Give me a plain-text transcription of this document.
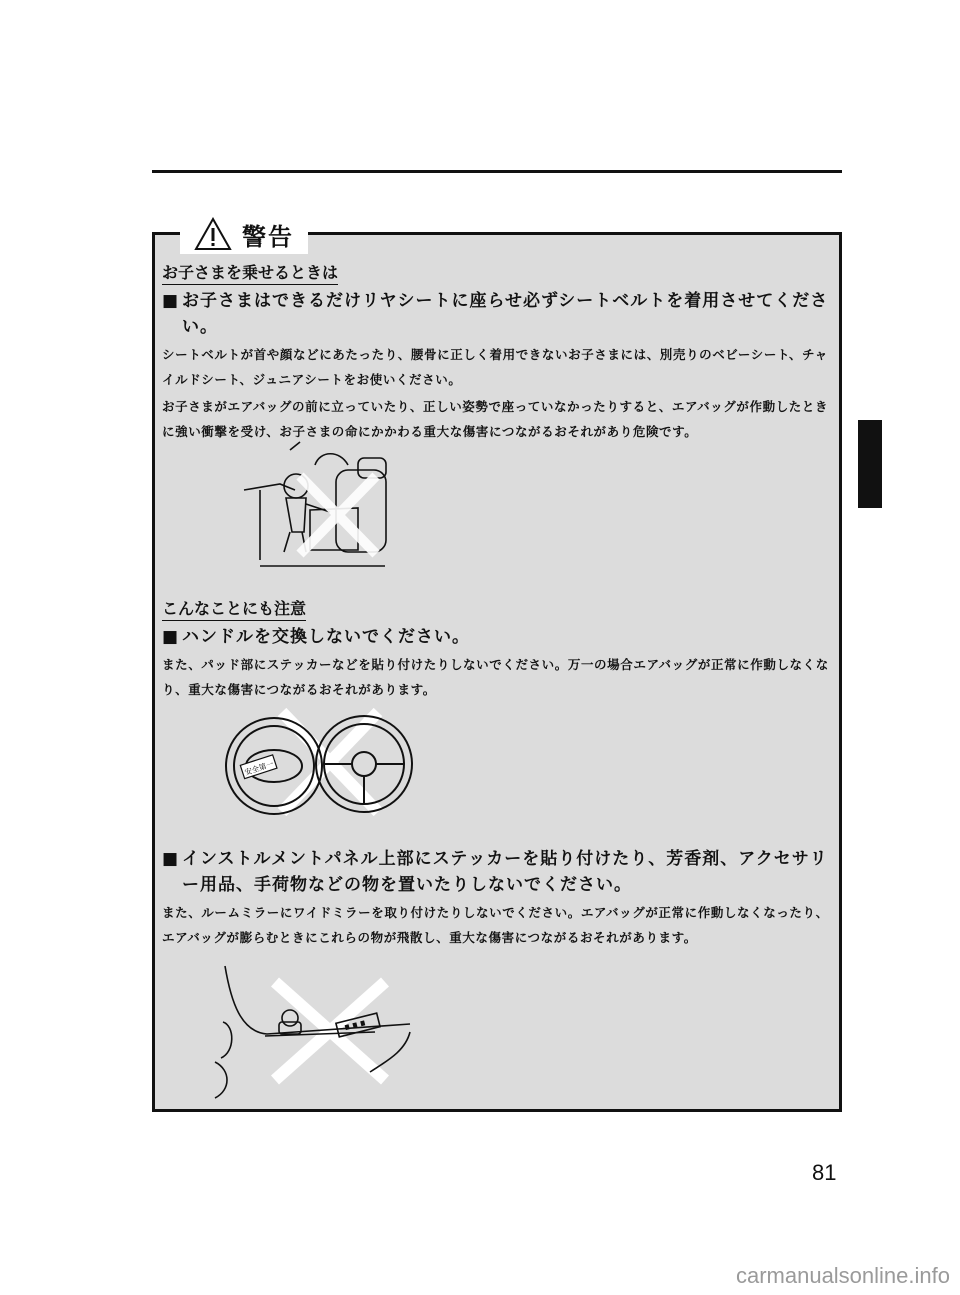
警告
お子さまを乗せるときは
■ お子さまはできるだけリヤシートに座らせ必ずシートベルトを着用させてください。

シートベルトが首や顔などにあたったり、腰骨に正しく着用できないお子さまには、別売りのベビーシート、チャイルドシート、ジュニアシートをお使いください。

お子さまがエアバッグの前に立っていたり、正しい姿勢で座っていなかったりすると、エアバッグが作動したときに強い衝撃を受け、お子さまの命にかかわる重大な傷害につながるおそれがあり危険です。

こんなことにも注意
■ ハンドルを交換しないでください。

また、パッド部にステッカーなどを貼り付けたりしないでください。万一の場合エアバッグが正常に作動しなくなり、重大な傷害につながるおそれがあります。

安全第一
■ インストルメントパネル上部にステッカーを貼り付けたり、芳香剤、アクセサリー用品、手荷物などの物を置いたりしないでください。

また、ルームミラーにワイドミラーを取り付けたりしないでください。エアバッグが正常に作動しなくなったり、エアバッグが膨らむときにこれらの物が飛散し、重大な傷害につながるおそれがあります。

81
carmanualsonline.info
